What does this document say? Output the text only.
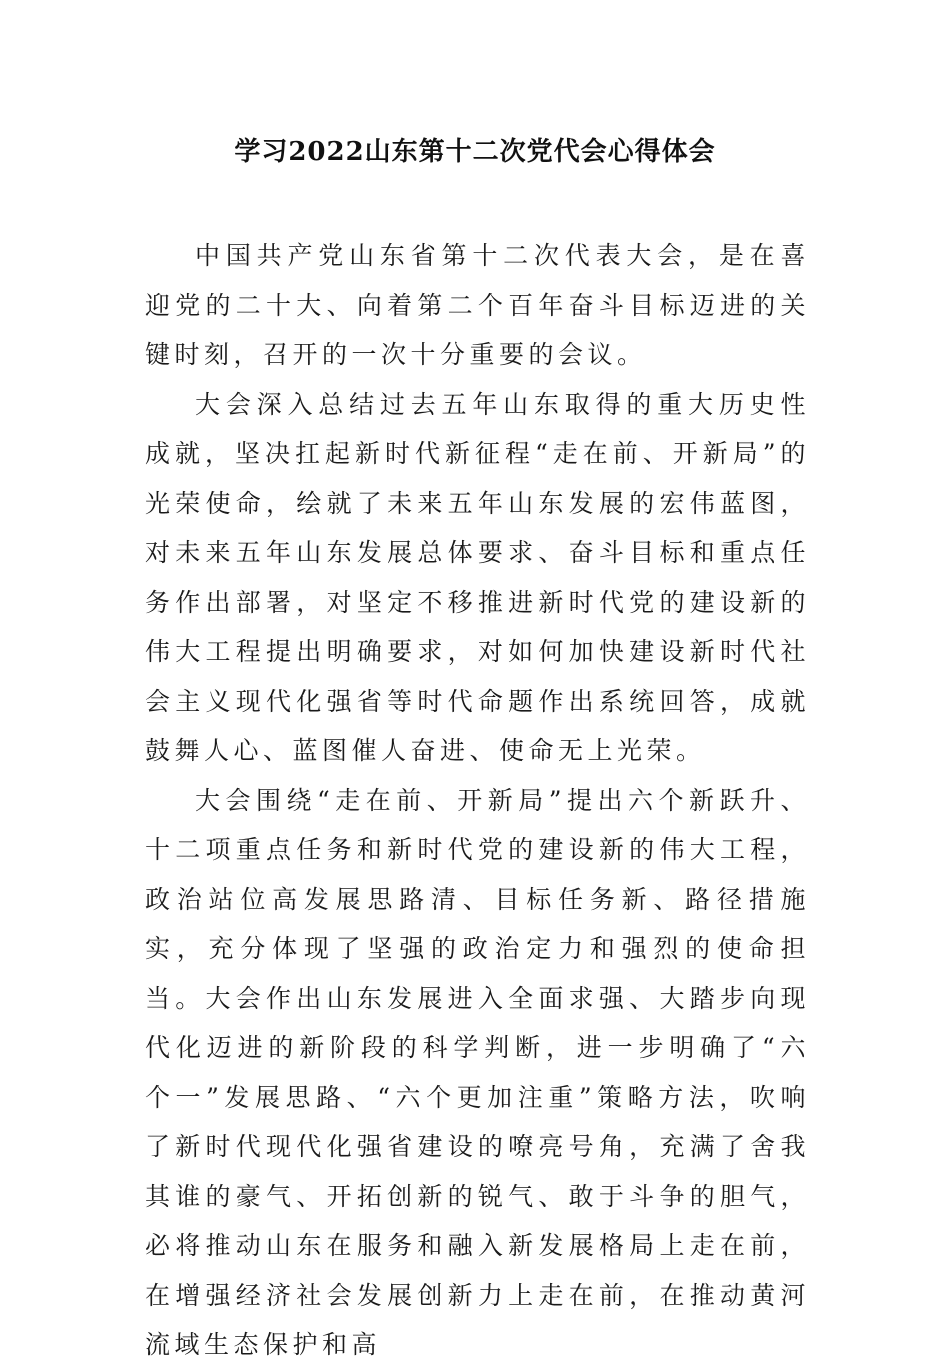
学习2022山东第十二次党代会心得体会

中国共产党山东省第十二次代表大会，是在喜迎党的二十大、向着第二个百年奋斗目标迈进的关键时刻，召开的一次十分重要的会议。

大会深入总结过去五年山东取得的重大历史性成就，坚决扛起新时代新征程“走在前、开新局”的光荣使命，绘就了未来五年山东发展的宏伟蓝图，对未来五年山东发展总体要求、奋斗目标和重点任务作出部署，对坚定不移推进新时代党的建设新的伟大工程提出明确要求，对如何加快建设新时代社会主义现代化强省等时代命题作出系统回答，成就鼓舞人心、蓝图催人奋进、使命无上光荣。

大会围绕“走在前、开新局”提出六个新跃升、十二项重点任务和新时代党的建设新的伟大工程，政治站位高发展思路清、目标任务新、路径措施实，充分体现了坚强的政治定力和强烈的使命担当。大会作出山东发展进入全面求强、大踏步向现代化迈进的新阶段的科学判断，进一步明确了“六个一”发展思路、“六个更加注重”策略方法，吹响了新时代现代化强省建设的嘹亮号角，充满了舍我其谁的豪气、开拓创新的锐气、敢于斗争的胆气，必将推动山东在服务和融入新发展格局上走在前，在增强经济社会发展创新力上走在前，在推动黄河流域生态保护和高
